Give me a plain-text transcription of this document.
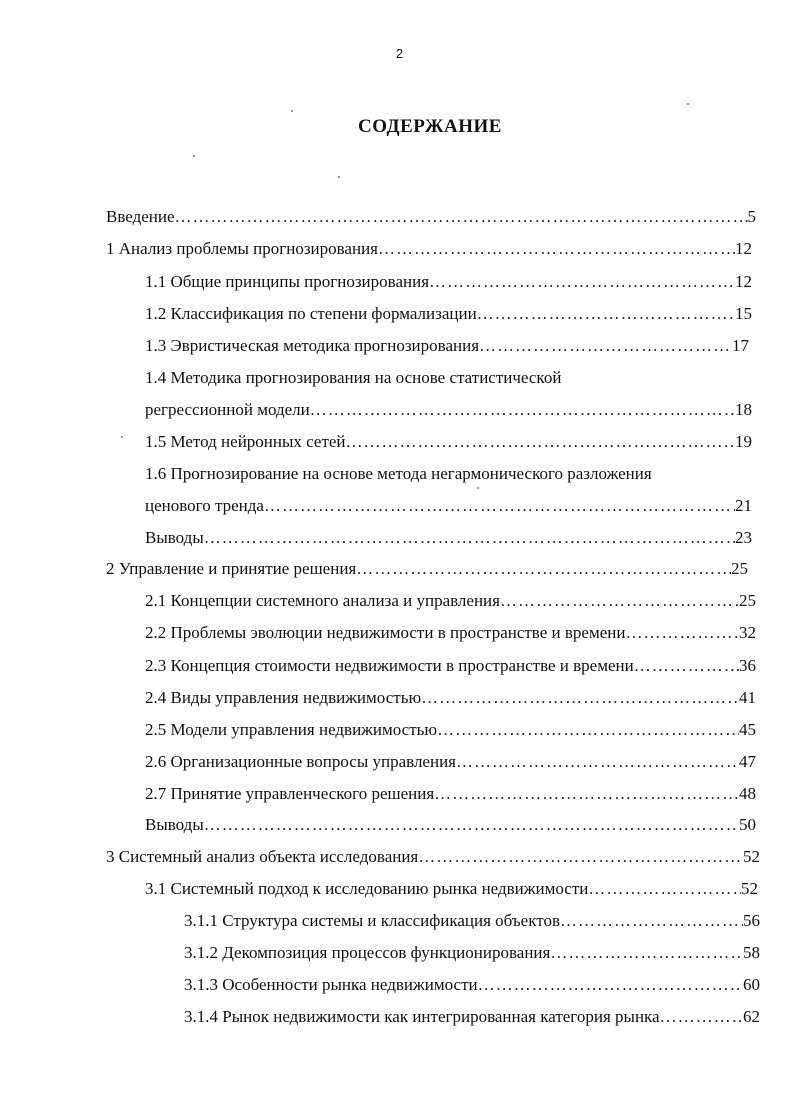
2
СОДЕРЖАНИЕ
Введение ……………………………………………………………………………………………………………………………………………………………………………………	5
1 Анализ проблемы прогнозирования ……………………………………………………………………………………………………………………………………………………………………………………	12
1.1 Общие принципы прогнозирования ……………………………………………………………………………………………………………………………………………………………………………………	12
1.2 Классификация по степени формализации ……………………………………………………………………………………………………………………………………………………………………………………	15
1.3 Эвристическая методика прогнозирования ……………………………………………………………………………………………………………………………………………………………………………………	17
1.4 Методика прогнозирования на основе статистической
регрессионной модели ……………………………………………………………………………………………………………………………………………………………………………………	18
1.5 Метод нейронных сетей ……………………………………………………………………………………………………………………………………………………………………………………	19
1.6 Прогнозирование на основе метода негармонического разложения
ценового тренда ……………………………………………………………………………………………………………………………………………………………………………………	21
Выводы ……………………………………………………………………………………………………………………………………………………………………………………	23
2 Управление и принятие решения ……………………………………………………………………………………………………………………………………………………………………………………	25
2.1 Концепции системного анализа и управления ……………………………………………………………………………………………………………………………………………………………………………………	25
2.2 Проблемы эволюции недвижимости в пространстве и времени ……………………………………………………………………………………………………………………………………………………………………………………	32
2.3 Концепция стоимости недвижимости в пространстве и времени ……………………………………………………………………………………………………………………………………………………………………………………	36
2.4 Виды управления недвижимостью ……………………………………………………………………………………………………………………………………………………………………………………	41
2.5 Модели управления недвижимостью ……………………………………………………………………………………………………………………………………………………………………………………	45
2.6 Организационные вопросы управления ……………………………………………………………………………………………………………………………………………………………………………………	47
2.7 Принятие управленческого решения ……………………………………………………………………………………………………………………………………………………………………………………	48
Выводы ……………………………………………………………………………………………………………………………………………………………………………………	50
3 Системный анализ объекта исследования ……………………………………………………………………………………………………………………………………………………………………………………	52
3.1 Системный подход к исследованию рынка недвижимости ……………………………………………………………………………………………………………………………………………………………………………………	52
3.1.1 Структура системы и классификация объектов ……………………………………………………………………………………………………………………………………………………………………………………	56
3.1.2 Декомпозиция процессов функционирования ……………………………………………………………………………………………………………………………………………………………………………………	58
3.1.3 Особенности рынка недвижимости ……………………………………………………………………………………………………………………………………………………………………………………	60
3.1.4 Рынок недвижимости как интегрированная категория рынка ……………………………………………………………………………………………………………………………………………………………………………………	62
